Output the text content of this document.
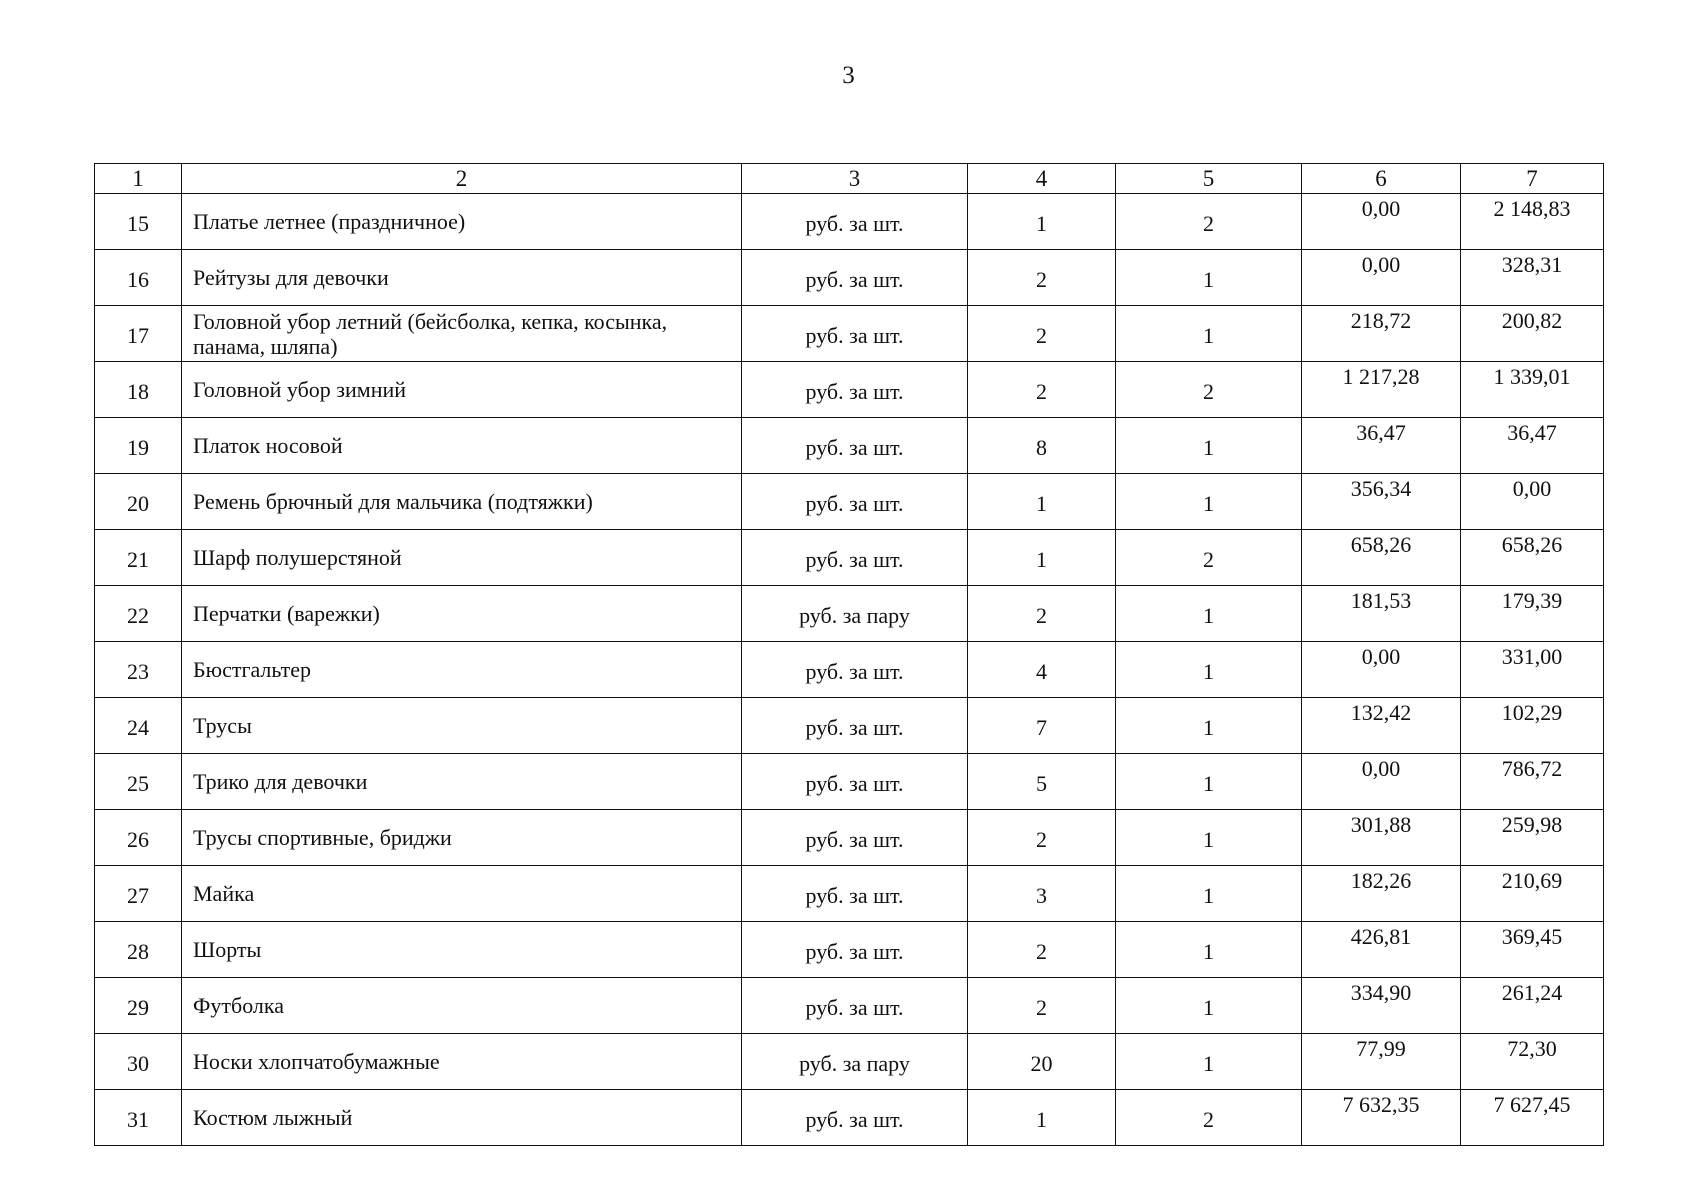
3
1	2	3	4	5	6	7
15	Платье летнее (праздничное)	руб. за шт.	1	2	0,00	2 148,83
16	Рейтузы для девочки	руб. за шт.	2	1	0,00	328,31
17	Головной убор летний (бейсболка, кепка, косынка, панама, шляпа)	руб. за шт.	2	1	218,72	200,82
18	Головной убор зимний	руб. за шт.	2	2	1 217,28	1 339,01
19	Платок носовой	руб. за шт.	8	1	36,47	36,47
20	Ремень брючный для мальчика (подтяжки)	руб. за шт.	1	1	356,34	0,00
21	Шарф полушерстяной	руб. за шт.	1	2	658,26	658,26
22	Перчатки (варежки)	руб. за пару	2	1	181,53	179,39
23	Бюстгальтер	руб. за шт.	4	1	0,00	331,00
24	Трусы	руб. за шт.	7	1	132,42	102,29
25	Трико для девочки	руб. за шт.	5	1	0,00	786,72
26	Трусы спортивные, бриджи	руб. за шт.	2	1	301,88	259,98
27	Майка	руб. за шт.	3	1	182,26	210,69
28	Шорты	руб. за шт.	2	1	426,81	369,45
29	Футболка	руб. за шт.	2	1	334,90	261,24
30	Носки хлопчатобумажные	руб. за пару	20	1	77,99	72,30
31	Костюм лыжный	руб. за шт.	1	2	7 632,35	7 627,45
